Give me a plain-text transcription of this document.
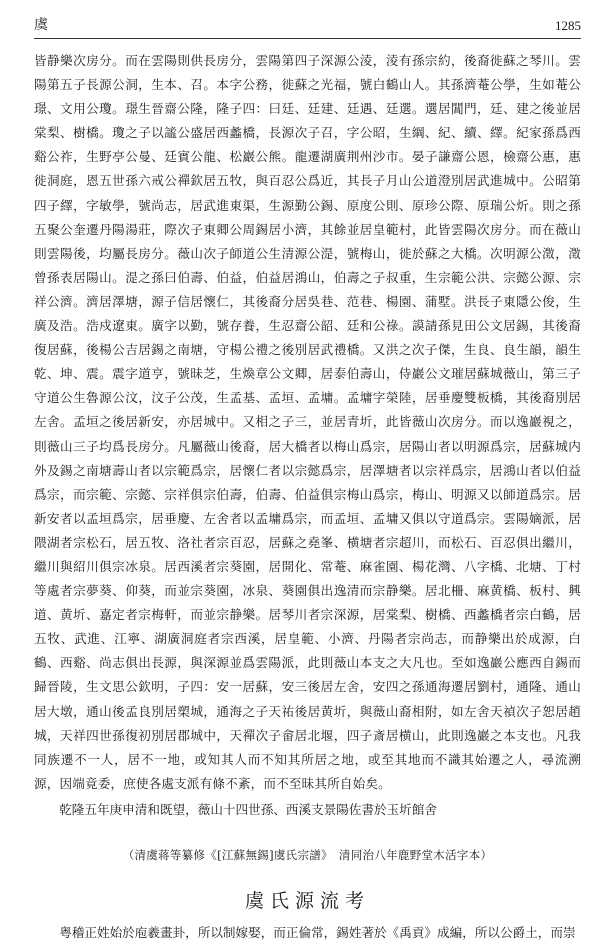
虞	1285

皆静樂次房分。而在雲陽則供長房分，雲陽第四子深源公淩，淩有孫宗約，後裔徙蘇之琴川。雲陽第五子長源公洞，生本、召。本字公務，徙蘇之光福，號白鶴山人。其孫濟菴公學，生如菴公璟、文用公瓊。璟生晉齋公隆，隆子四：曰廷、廷建、廷遇、廷選。選居閶門，廷、建之後並居棠梨、樹橋。瓊之子以謐公盛居西蠡橋，長源次子召，字公昭，生綱、紀、續、繹。紀家孫爲西谿公祚，生野亭公曼、廷賓公龍、松巖公熊。龍遷湖廣荆州沙市。晏子謙齋公恩，檢齋公惠，惠徙洞庭，恩五世孫六戒公禪欽居五牧，與百忍公爲近，其長子月山公道澄別居武進城中。公昭第四子繹，字敏學，號尚志，居武進東渠，生源勤公錫、原度公則、原珍公際、原瑞公炘。則之孫五聚公奎遷丹陽湯莊，際次子東卿公周錫居小濟，其餘並居皇範村，此皆雲陽次房分。而在薇山則雲陽後，均屬長房分。薇山次子師道公生清源公湜，號梅山，徙於蘇之大橋。次明源公澂，澂曾孫表居陽山。湜之孫曰伯壽、伯益，伯益居鴻山，伯壽之子叔重，生宗範公洪、宗懿公源、宗祥公濟。濟居澤塘，源子信居懷仁，其後裔分居吳巷、范巷、楊園、蒲墅。洪長子東隱公俊，生廣及浩。浩戍遼東。廣字以勤，號存養，生忍齋公韶、廷和公祿。謨請孫見田公文居錫，其後裔復居蘇，後楊公吉居錫之南塘，守楊公禮之後別居武禮橋。又洪之次子傑，生良、良生韻，韻生乾、坤、震。震字道亨，號昧芝，生煥章公文卿，居泰伯壽山，侍巖公文璀居蘇城薇山，第三子守道公生魯源公汶，汶子公茂，生孟基、孟垣、孟墉。孟墉字榮陸，居垂慶雙板橋，其後裔別居左舍。孟垣之後居新安，亦居城中。又相之子三，並居青圻，此皆薇山次房分。而以逸巖視之，則薇山三子均爲長房分。凡屬薇山後裔，居大橋者以梅山爲宗，居陽山者以明源爲宗，居蘇城内外及錫之南塘壽山者以宗範爲宗，居懷仁者以宗懿爲宗，居澤塘者以宗祥爲宗，居鴻山者以伯益爲宗，而宗範、宗懿、宗祥俱宗伯壽，伯壽、伯益俱宗梅山爲宗，梅山、明源又以師道爲宗。居新安者以孟垣爲宗，居垂慶、左舍者以孟墉爲宗，而孟垣、孟墉又俱以守道爲宗。雲陽嫡派，居隈湖者宗松石，居五牧、洛社者宗百忍，居蘇之堯峯、横塘者宗超川，而松石、百忍俱出繼川，繼川與紹川俱宗冰泉。居西溪者宗葵園，居開化、常菴、麻雀園、楊花灣、八字橋、北塘、丁村等處者宗夢葵、仰葵，而並宗葵園，冰泉、葵園俱出逸清而宗静樂。居北柵、麻黄橋、板村、興道、黄圻、嘉定者宗梅軒，而並宗静樂。居琴川者宗深源，居棠梨、樹橋、西蠡橋者宗白鶴，居五牧、武進、江寧、湖廣洞庭者宗西溪，居皇範、小濟、丹陽者宗尚志，而静樂出於成源，白鶴、西谿、尚志俱出長源，與深源並爲雲陽派，此則薇山本支之大凡也。至如逸巖公應西自錫而歸晉陵，生文思公欽明，子四：安一居蘇，安三後居左舍，安四之孫通海遷居劉村，通隆、通山居大墩，通山後孟良別居槊城，通海之子天祐後居黄圻，與薇山裔相附，如左舍天禎次子恕居趙城，天祥四世孫復初別居郡城中，天禪次子畲居北堰，四子斎居横山，此則逸巖之本支也。凡我同族遷不一人，居不一地，或知其人而不知其所居之地，或至其地而不識其始遷之人，尋流溯源，因端竟委，庶使各處支派有條不紊，而不至昧其所自始矣。

乾隆五年庚申清和既望，薇山十四世孫、西溪支景陽佐書於玉圻館舍

（清虞蒋等纂修《[江蘇無錫]虞氏宗譜》　清同治八年鹿野堂木活字本）

虞氏源流考

粤稽正姓始於庖羲畫卦，所以制嫁娶，而正倫常，錫姓著於《禹貢》成編，所以公爵土，而崇
